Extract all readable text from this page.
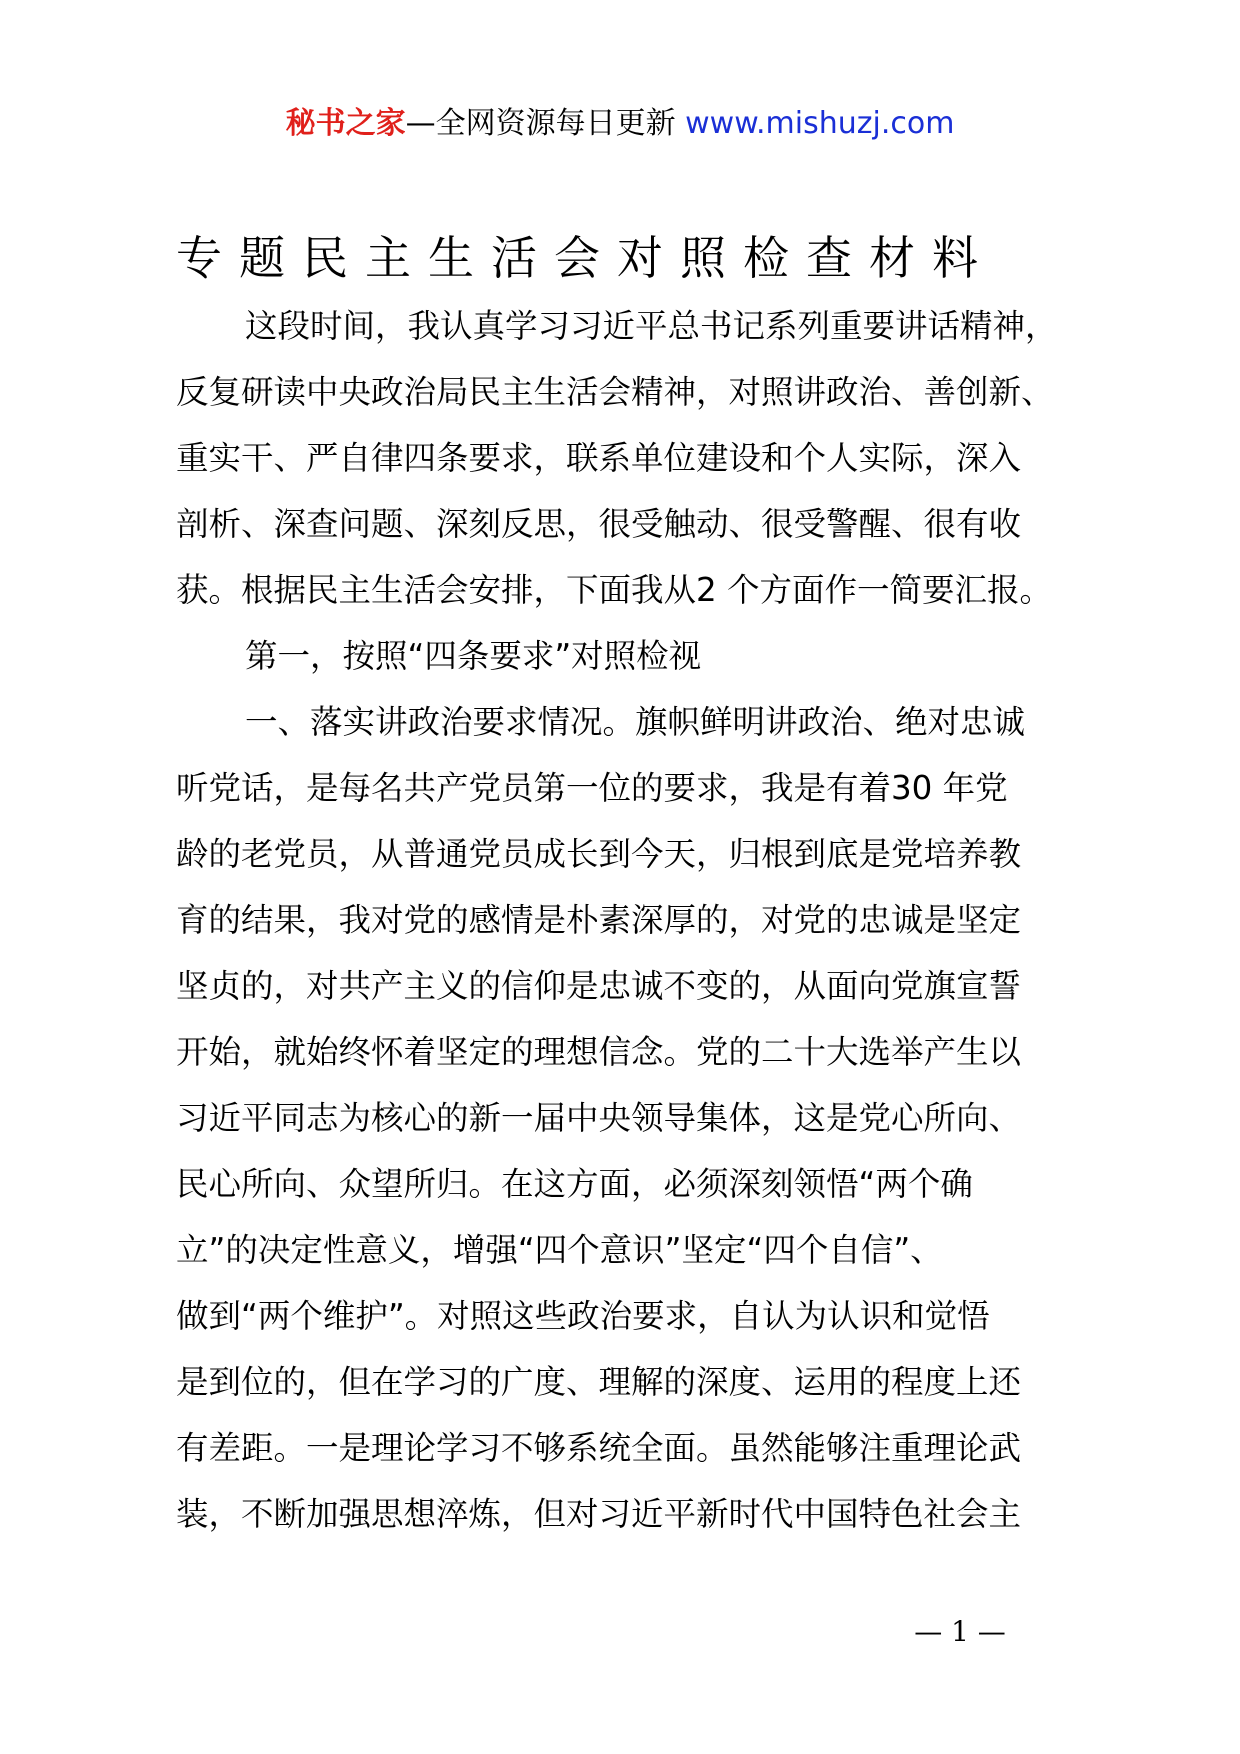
秘书之家—全网资源每日更新 www.mishuzj.com
专题民主生活会对照检查材料

这段时间，我认真学习习近平总书记系列重要讲话精神，
反复研读中央政治局民主生活会精神，对照讲政治、善创新、
重实干、严自律四条要求，联系单位建设和个人实际，深入
剖析、深查问题、深刻反思，很受触动、很受警醒、很有收
获。根据民主生活会安排，下面我从2 个方面作一简要汇报。

第一，按照“四条要求”对照检视

一、落实讲政治要求情况。旗帜鲜明讲政治、绝对忠诚
听党话，是每名共产党员第一位的要求，我是有着30 年党
龄的老党员，从普通党员成长到今天，归根到底是党培养教
育的结果，我对党的感情是朴素深厚的，对党的忠诚是坚定
坚贞的，对共产主义的信仰是忠诚不变的，从面向党旗宣誓
开始，就始终怀着坚定的理想信念。党的二十大选举产生以
习近平同志为核心的新一届中央领导集体，这是党心所向、
民心所向、众望所归。在这方面，必须深刻领悟“两个确
立”的决定性意义，增强“四个意识”坚定“四个自信”、
做到“两个维护”。对照这些政治要求，自认为认识和觉悟
是到位的，但在学习的广度、理解的深度、运用的程度上还
有差距。一是理论学习不够系统全面。虽然能够注重理论武
装，不断加强思想淬炼，但对习近平新时代中国特色社会主

— 1 —
